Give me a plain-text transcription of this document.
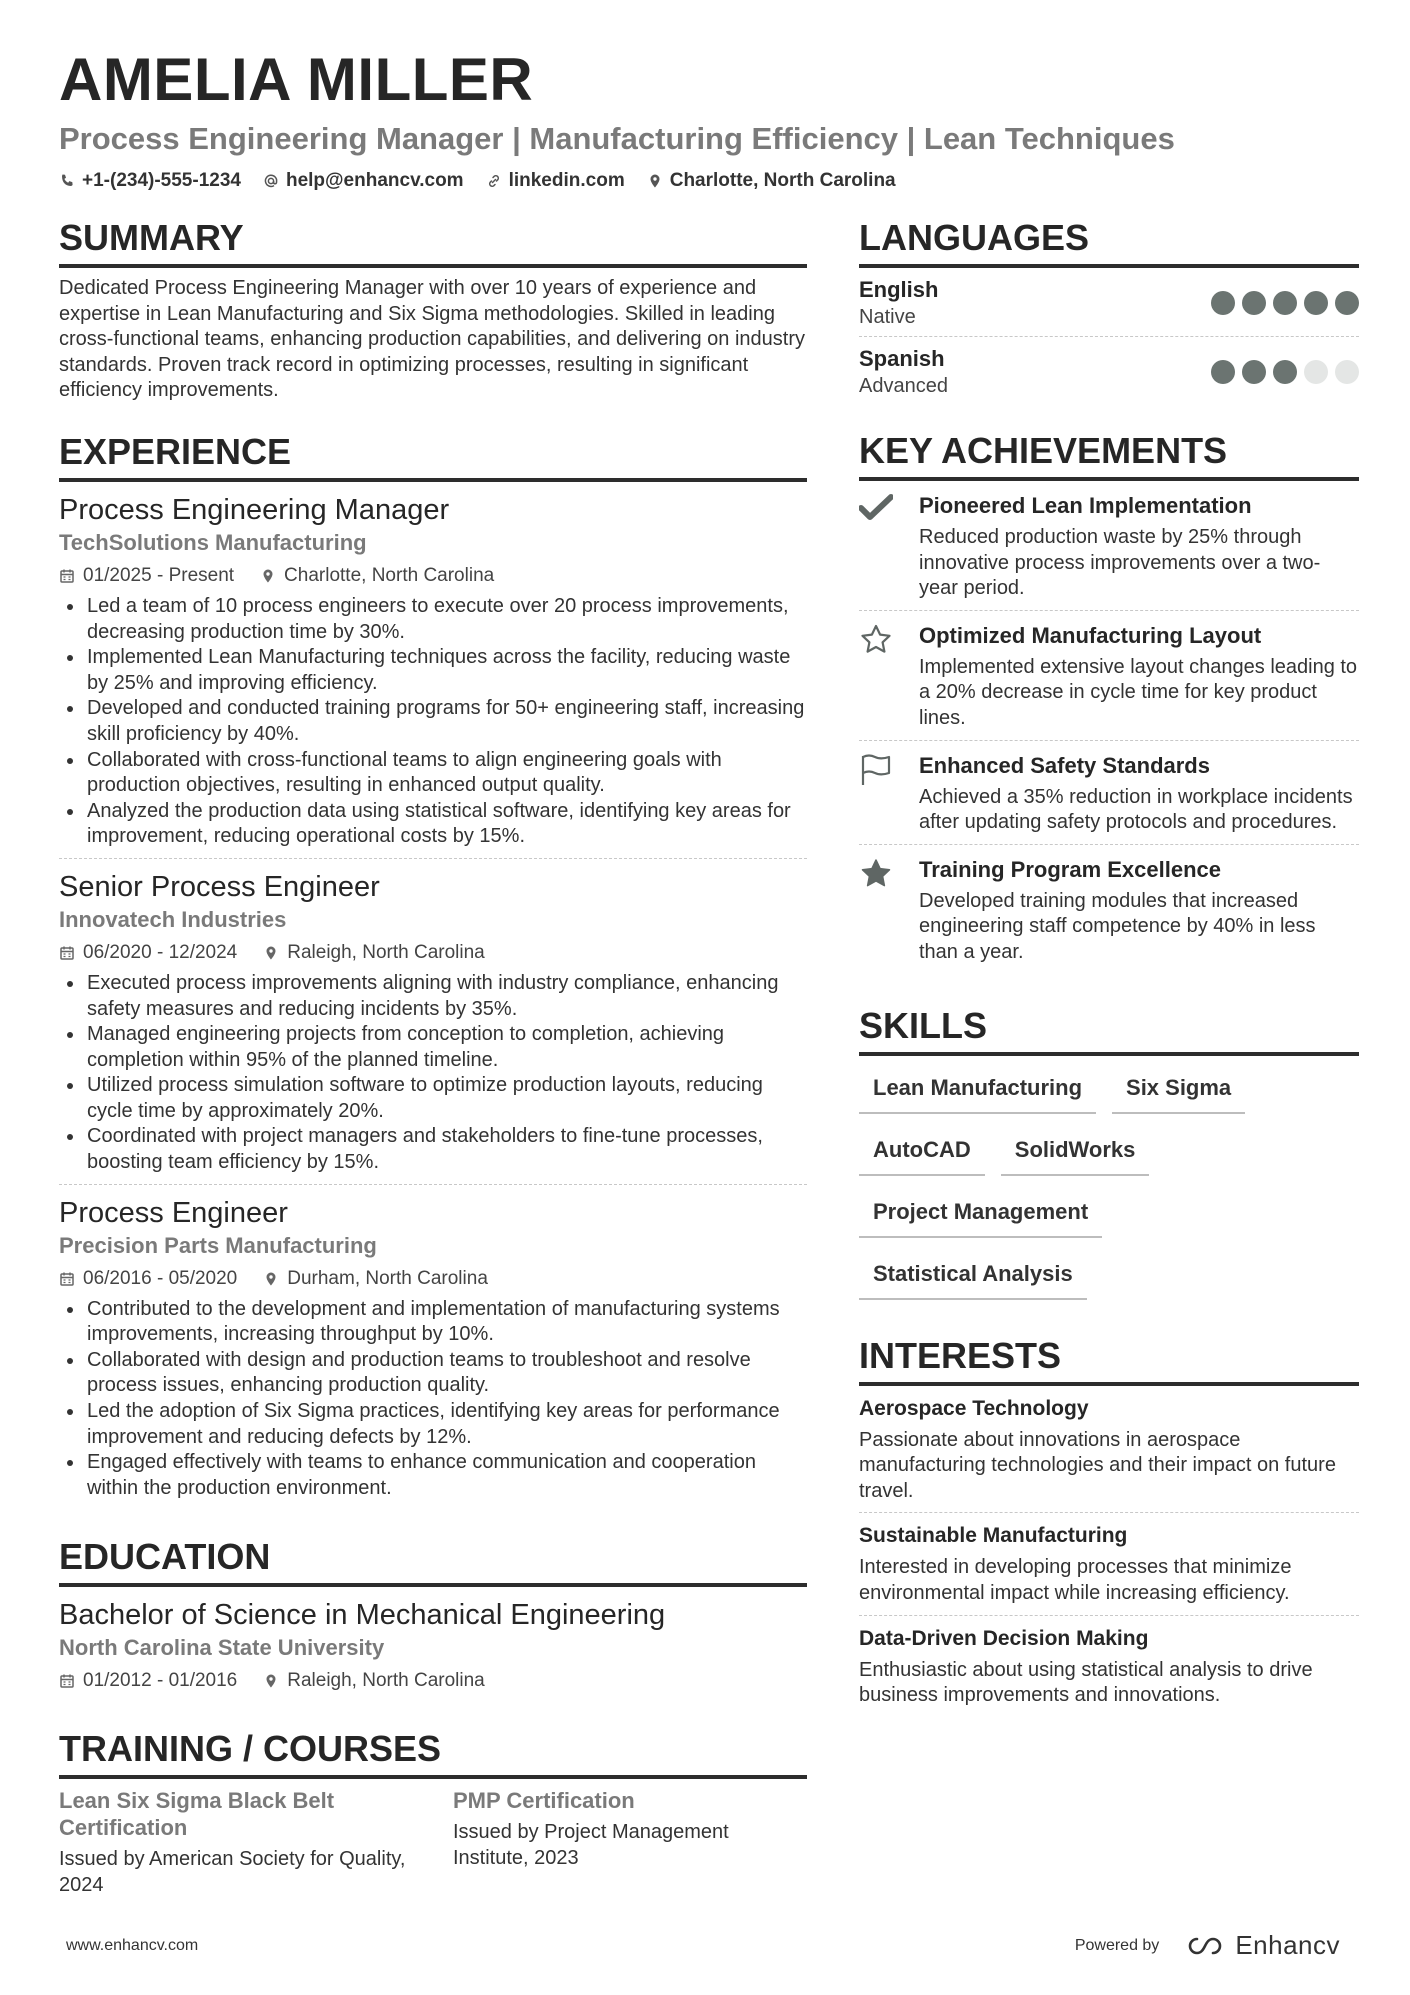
AMELIA MILLER
Process Engineering Manager | Manufacturing Efficiency | Lean Techniques
+1-(234)-555-1234 help@enhancv.com linkedin.com Charlotte, North Carolina
SUMMARY
Dedicated Process Engineering Manager with over 10 years of experience and expertise in Lean Manufacturing and Six Sigma methodologies. Skilled in leading cross-functional teams, enhancing production capabilities, and delivering on industry standards. Proven track record in optimizing processes, resulting in significant efficiency improvements.
EXPERIENCE
Process Engineering Manager
TechSolutions Manufacturing
01/2025 - Present	Charlotte, North Carolina
Led a team of 10 process engineers to execute over 20 process improvements, decreasing production time by 30%.
Implemented Lean Manufacturing techniques across the facility, reducing waste by 25% and improving efficiency.
Developed and conducted training programs for 50+ engineering staff, increasing skill proficiency by 40%.
Collaborated with cross-functional teams to align engineering goals with production objectives, resulting in enhanced output quality.
Analyzed the production data using statistical software, identifying key areas for improvement, reducing operational costs by 15%.
Senior Process Engineer
Innovatech Industries
06/2020 - 12/2024	Raleigh, North Carolina
Executed process improvements aligning with industry compliance, enhancing safety measures and reducing incidents by 35%.
Managed engineering projects from conception to completion, achieving completion within 95% of the planned timeline.
Utilized process simulation software to optimize production layouts, reducing cycle time by approximately 20%.
Coordinated with project managers and stakeholders to fine-tune processes, boosting team efficiency by 15%.
Process Engineer
Precision Parts Manufacturing
06/2016 - 05/2020	Durham, North Carolina
Contributed to the development and implementation of manufacturing systems improvements, increasing throughput by 10%.
Collaborated with design and production teams to troubleshoot and resolve process issues, enhancing production quality.
Led the adoption of Six Sigma practices, identifying key areas for performance improvement and reducing defects by 12%.
Engaged effectively with teams to enhance communication and cooperation within the production environment.
EDUCATION
Bachelor of Science in Mechanical Engineering
North Carolina State University
01/2012 - 01/2016	Raleigh, North Carolina
TRAINING / COURSES
Lean Six Sigma Black Belt Certification
Issued by American Society for Quality, 2024
PMP Certification
Issued by Project Management Institute, 2023
LANGUAGES
English
Native
Spanish
Advanced
KEY ACHIEVEMENTS
Pioneered Lean Implementation
Reduced production waste by 25% through innovative process improvements over a two-year period.
Optimized Manufacturing Layout
Implemented extensive layout changes leading to a 20% decrease in cycle time for key product lines.
Enhanced Safety Standards
Achieved a 35% reduction in workplace incidents after updating safety protocols and procedures.
Training Program Excellence
Developed training modules that increased engineering staff competence by 40% in less than a year.
SKILLS
Lean Manufacturing	Six Sigma
AutoCAD	SolidWorks
Project Management
Statistical Analysis
INTERESTS
Aerospace Technology
Passionate about innovations in aerospace manufacturing technologies and their impact on future travel.
Sustainable Manufacturing
Interested in developing processes that minimize environmental impact while increasing efficiency.
Data-Driven Decision Making
Enthusiastic about using statistical analysis to drive business improvements and innovations.
www.enhancv.com	Powered by	Enhancv
